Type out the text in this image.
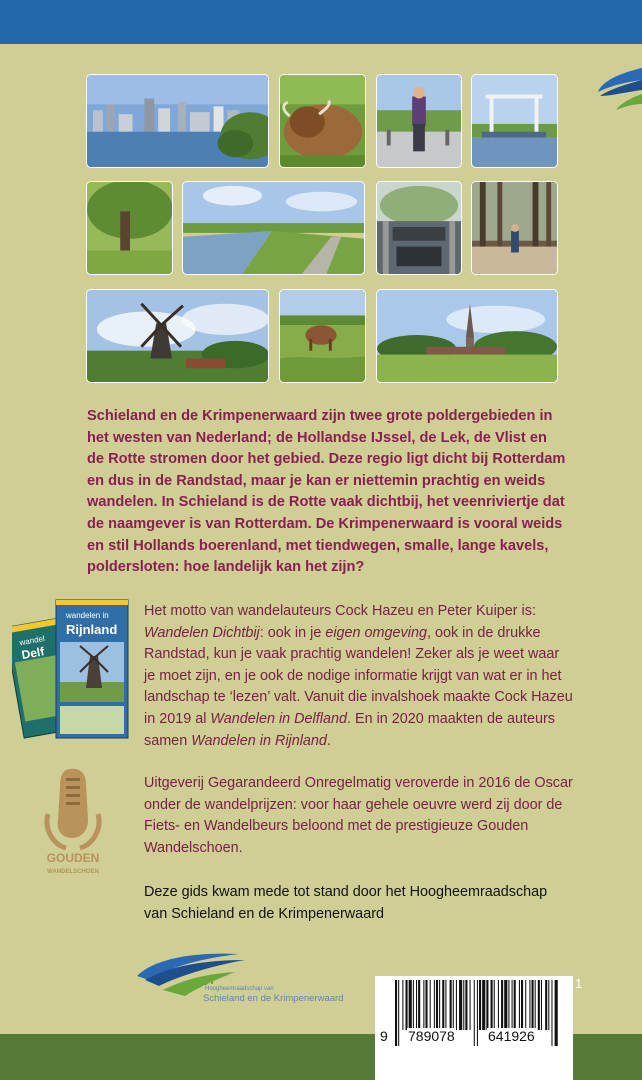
Schieland en de Krimpenerwaard zijn twee grote poldergebieden in het westen van Nederland; de Hollandse IJssel, de Lek, de Vlist en de Rotte stromen door het gebied. Deze regio ligt dicht bij Rotterdam en dus in de Randstad, maar je kan er niettemin prachtig en weids wandelen. In Schieland is de Rotte vaak dichtbij, het veenriviertje dat de naamgever is van Rotterdam. De Krimpenerwaard is vooral weids en stil Hollands boerenland, met tiendwegen, smalle, lange kavels, poldersloten: hoe landelijk kan het zijn?

wandel
Delf
wandelen in
Rijnland

Het motto van wandelauteurs Cock Hazeu en Peter Kuiper is: Wandelen Dichtbij: ook in je eigen omgeving, ook in de drukke Randstad, kun je vaak prachtig wandelen! Zeker als je weet waar je moet zijn, en je ook de nodige informatie krijgt van wat er in het landschap te ‘lezen’ valt. Vanuit die invalshoek maakte Cock Hazeu in 2019 al Wandelen in Delfland. En in 2020 maakten de auteurs samen Wandelen in Rijnland.

GOUDEN
WANDELSCHOEN

Uitgeverij Gegarandeerd Onregelmatig veroverde in 2016 de Oscar onder de wandelprijzen: voor haar gehele oeuvre werd zij door de Fiets- en Wandelbeurs beloond met de prestigieuze Gouden Wandelschoen.

Deze gids kwam mede tot stand door het Hoogheemraadschap van Schieland en de Krimpenerwaard

Hoogheemraadschap van
Schieland en de Krimpenerwaard
9 789078 641926
1
